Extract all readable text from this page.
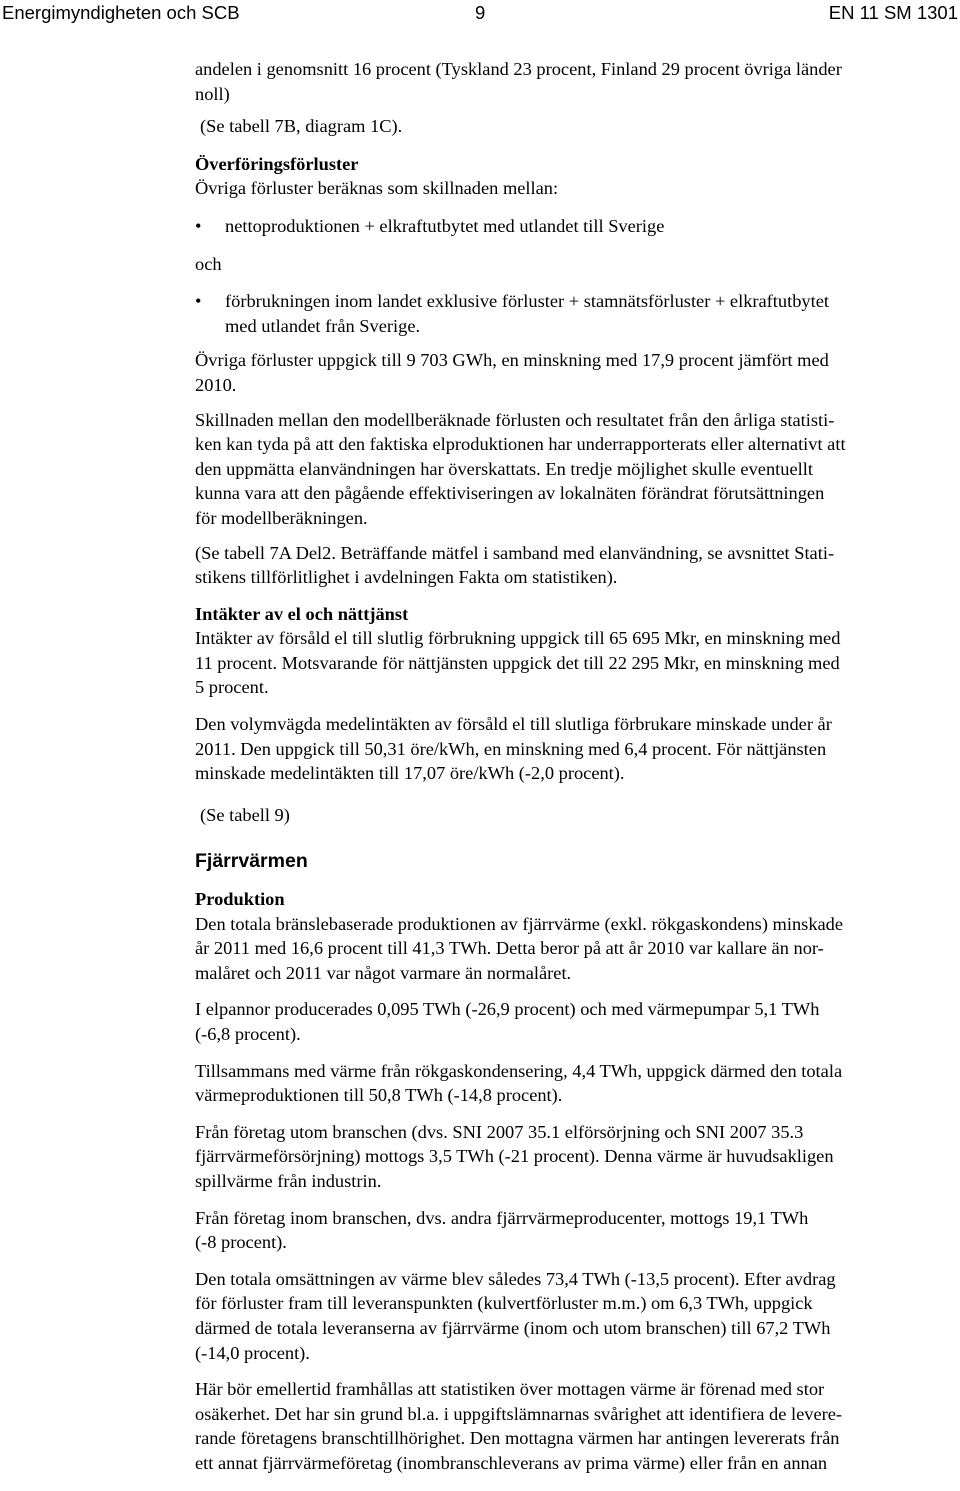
Energimyndigheten och SCB	9	EN 11 SM 1301

andelen i genomsnitt 16 procent (Tyskland 23 procent, Finland 29 procent övriga länder
noll)

(Se tabell 7B, diagram 1C).

Överföringsförluster

Övriga förluster beräknas som skillnaden mellan:

• nettoproduktionen + elkraftutbytet med utlandet till Sverige

och

• förbrukningen inom landet exklusive förluster + stamnätsförluster + elkraftutbytet
med utlandet från Sverige.

Övriga förluster uppgick till 9 703 GWh, en minskning med 17,9 procent jämfört med
2010.

Skillnaden mellan den modellberäknade förlusten och resultatet från den årliga statisti-
ken kan tyda på att den faktiska elproduktionen har underrapporterats eller alternativt att
den uppmätta elanvändningen har överskattats. En tredje möjlighet skulle eventuellt
kunna vara att den pågående effektiviseringen av lokalnäten förändrat förutsättningen
för modellberäkningen.

(Se tabell 7A Del2. Beträffande mätfel i samband med elanvändning, se avsnittet Stati-
stikens tillförlitlighet i avdelningen Fakta om statistiken).

Intäkter av el och nättjänst

Intäkter av försåld el till slutlig förbrukning uppgick till 65 695 Mkr, en minskning med
11 procent. Motsvarande för nättjänsten uppgick det till 22 295 Mkr, en minskning med
5 procent.

Den volymvägda medelintäkten av försåld el till slutliga förbrukare minskade under år
2011. Den uppgick till 50,31 öre/kWh, en minskning med 6,4 procent. För nättjänsten
minskade medelintäkten till 17,07 öre/kWh (-2,0 procent).

(Se tabell 9)

Fjärrvärmen

Produktion

Den totala bränslebaserade produktionen av fjärrvärme (exkl. rökgaskondens) minskade
år 2011 med 16,6 procent till 41,3 TWh. Detta beror på att år 2010 var kallare än nor-
malåret och 2011 var något varmare än normalåret.

I elpannor producerades 0,095 TWh (-26,9 procent) och med värmepumpar 5,1 TWh
(-6,8 procent).

Tillsammans med värme från rökgaskondensering, 4,4 TWh, uppgick därmed den totala
värmeproduktionen till 50,8 TWh (-14,8 procent).

Från företag utom branschen (dvs. SNI 2007 35.1 elförsörjning och SNI 2007 35.3
fjärrvärmeförsörjning) mottogs 3,5 TWh (-21 procent). Denna värme är huvudsakligen
spillvärme från industrin.

Från företag inom branschen, dvs. andra fjärrvärmeproducenter, mottogs 19,1 TWh
(-8 procent).

Den totala omsättningen av värme blev således 73,4 TWh (-13,5 procent). Efter avdrag
för förluster fram till leveranspunkten (kulvertförluster m.m.) om 6,3 TWh, uppgick
därmed de totala leveranserna av fjärrvärme (inom och utom branschen) till 67,2 TWh
(-14,0 procent).

Här bör emellertid framhållas att statistiken över mottagen värme är förenad med stor
osäkerhet. Det har sin grund bl.a. i uppgiftslämnarnas svårighet att identifiera de levere-
rande företagens branschtillhörighet. Den mottagna värmen har antingen levererats från
ett annat fjärrvärmeföretag (inombranschleverans av prima värme) eller från en annan
